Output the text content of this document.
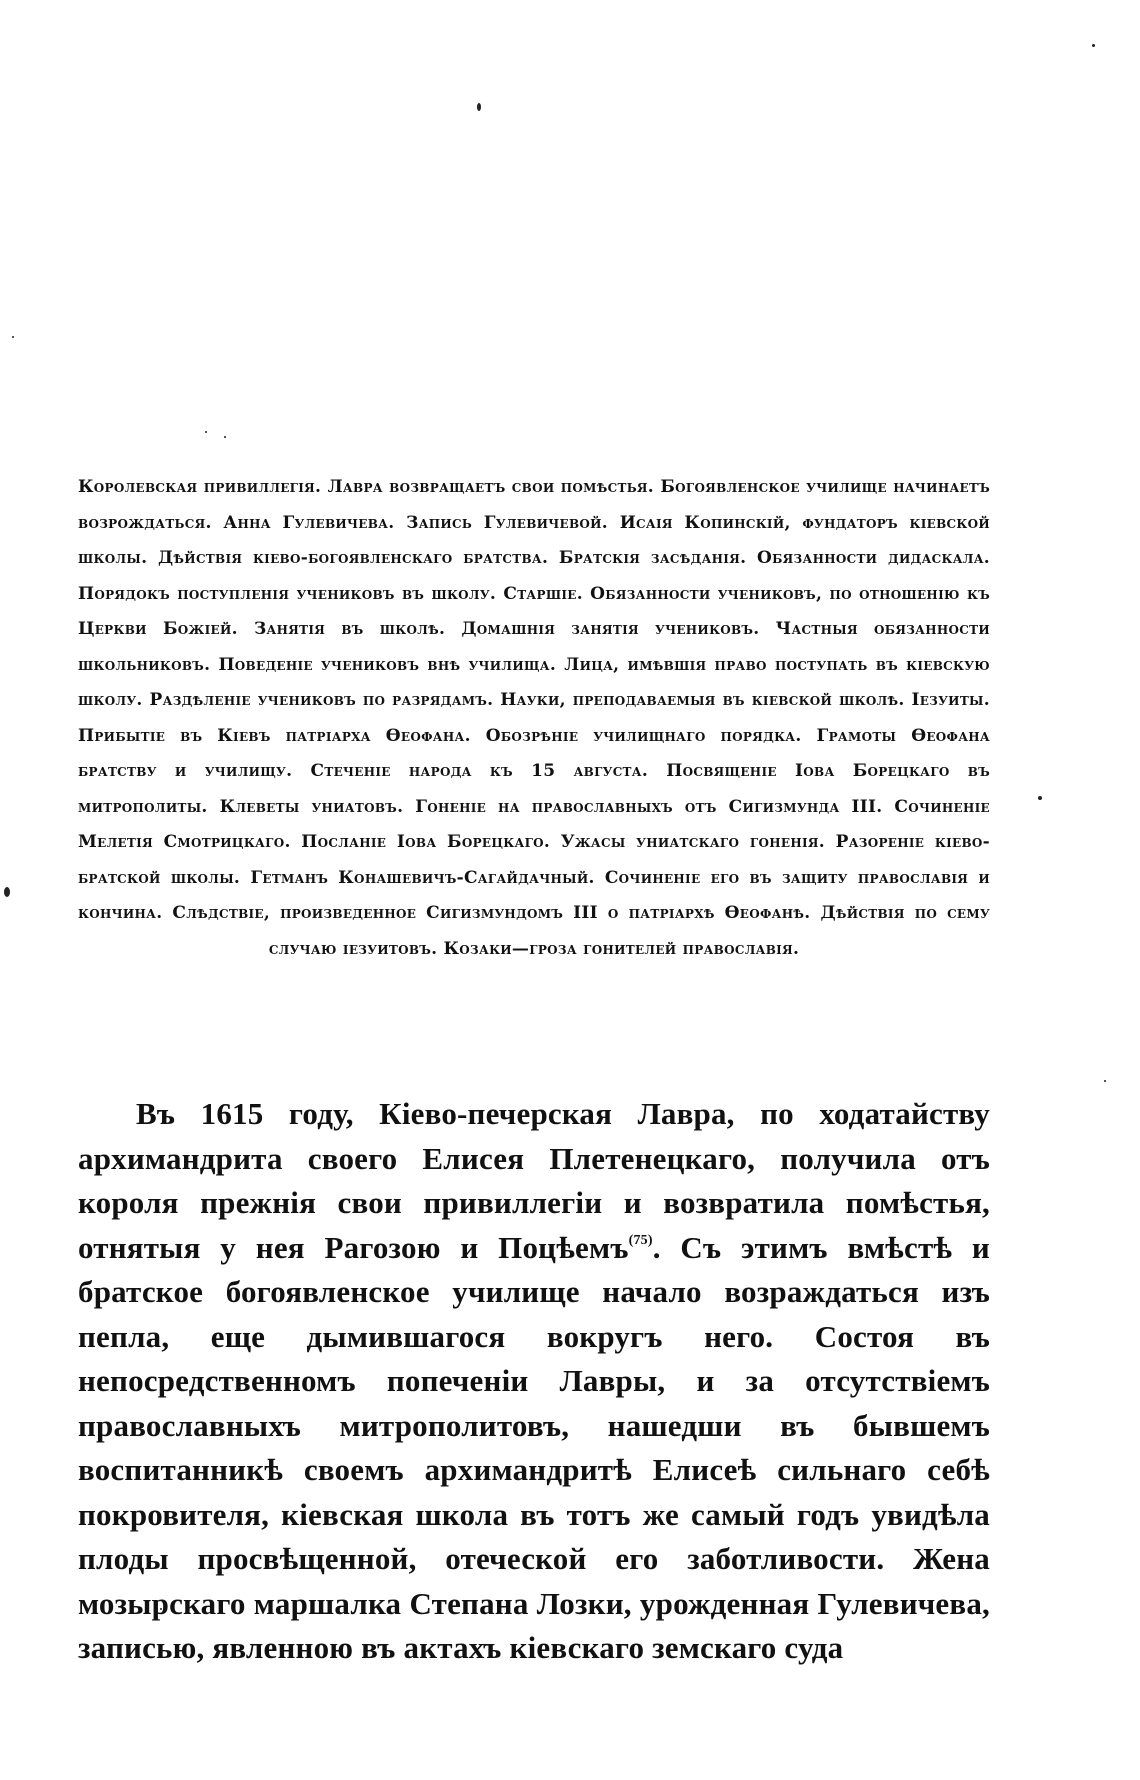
Королевская привиллегія. Лавра возвращаетъ свои помѣстья. Богоявленское училище начинаетъ возрождаться. Анна Гулевичева. Запись Гулевичевой. Исаія Копинскій, фундаторъ кіевской школы. Дѣйствія кіево-богоявленскаго братства. Братскія засѣданія. Обязанности дидаскала. Порядокъ поступленія учениковъ въ школу. Старшіе. Обязанности учениковъ, по отношенію къ Церкви Божіей. Занятія въ школѣ. Домашнія занятія учениковъ. Частныя обязанности школьниковъ. Поведеніе учениковъ внѣ училища. Лица, имѣвшія право поступать въ кіевскую школу. Раздѣленіе учениковъ по разрядамъ. Науки, преподаваемыя въ кіевской школѣ. Іезуиты. Прибытіе въ Кіевъ патріарха Ѳеофана. Обозрѣніе училищнаго порядка. Грамоты Ѳеофана братству и училищу. Стеченіе народа къ 15 августа. Посвященіе Іова Борецкаго въ митрополиты. Клеветы униатовъ. Гоненіе на православныхъ отъ Сигизмунда ІІІ. Сочиненіе Мелетія Смотрицкаго. Посланіе Іова Борецкаго. Ужасы униатскаго гоненія. Разореніе кіево-братской школы. Гетманъ Конашевичъ-Сагайдачный. Сочиненіе его въ защиту православія и кончина. Слѣдствіе, произведенное Сигизмундомъ ІІІ о патріархѣ Ѳеофанѣ. Дѣйствія по сему случаю іезуитовъ. Козаки—гроза гонителей православія.
Въ 1615 году, Кіево-печерская Лавра, по ходатайству архимандрита своего Елисея Плетенецкаго, получила отъ короля прежнія свои привиллегіи и возвратила помѣстья, отнятыя у нея Рагозою и Поцѣемъ$^{(75)}$. Съ этимъ вмѣстѣ и братское богоявленское училище начало возраждаться изъ пепла, еще дымившагося вокругъ него. Состоя въ непосредственномъ попеченіи Лавры, и за отсутствіемъ православныхъ митрополитовъ, нашедши въ бывшемъ воспитанникѣ своемъ архимандритѣ Елисеѣ сильнаго себѣ покровителя, кіевская школа въ тотъ же самый годъ увидѣла плоды просвѣщенной, отеческой его заботливости. Жена мозырскаго маршалка Степана Лозки, урожденная Гулевичева, записью, явленною въ актахъ кіевскаго земскаго суда
